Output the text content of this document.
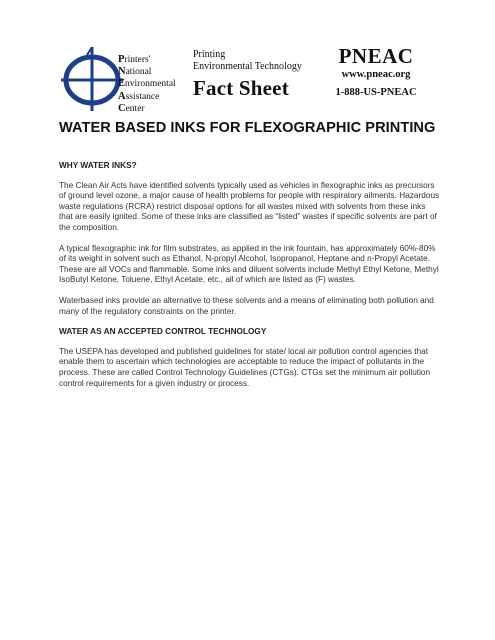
Printers'
National
Environmental
Assistance
Center
Printing
Environmental Technology
Fact Sheet
PNEAC
www.pneac.org
1-888-US-PNEAC
WATER BASED INKS FOR FLEXOGRAPHIC PRINTING
WHY WATER INKS?

The Clean Air Acts have identified solvents typically used as vehicles in flexographic inks as precursors of ground level ozone, a major cause of health problems for people with respiratory ailments. Hazardous waste regulations (RCRA) restrict disposal options for all wastes mixed with solvents from these inks that are easily ignited. Some of these inks are classified as “listed” wastes if specific solvents are part of the composition.

A typical flexographic ink for film substrates, as applied in the ink fountain, has approximately 60%-80% of its weight in solvent such as Ethanol, N-propyl Alcohol, Isopropanol, Heptane and n-Propyl Acetate. These are all VOCs and flammable. Some inks and diluent solvents include Methyl Ethyl Ketone, Methyl IsoButyl Ketone, Toluene, Ethyl Acetate, etc., all of which are listed as (F) wastes.

Waterbased inks provide an alternative to these solvents and a means of eliminating both pollution and many of the regulatory constraints on the printer.

WATER AS AN ACCEPTED CONTROL TECHNOLOGY

The USEPA has developed and published guidelines for state/ local air pollution control agencies that enable them to ascertain which technologies are acceptable to reduce the impact of pollutants in the process. These are called Control Technology Guidelines (CTGs). CTGs set the minimum air pollution control requirements for a given industry or process.
